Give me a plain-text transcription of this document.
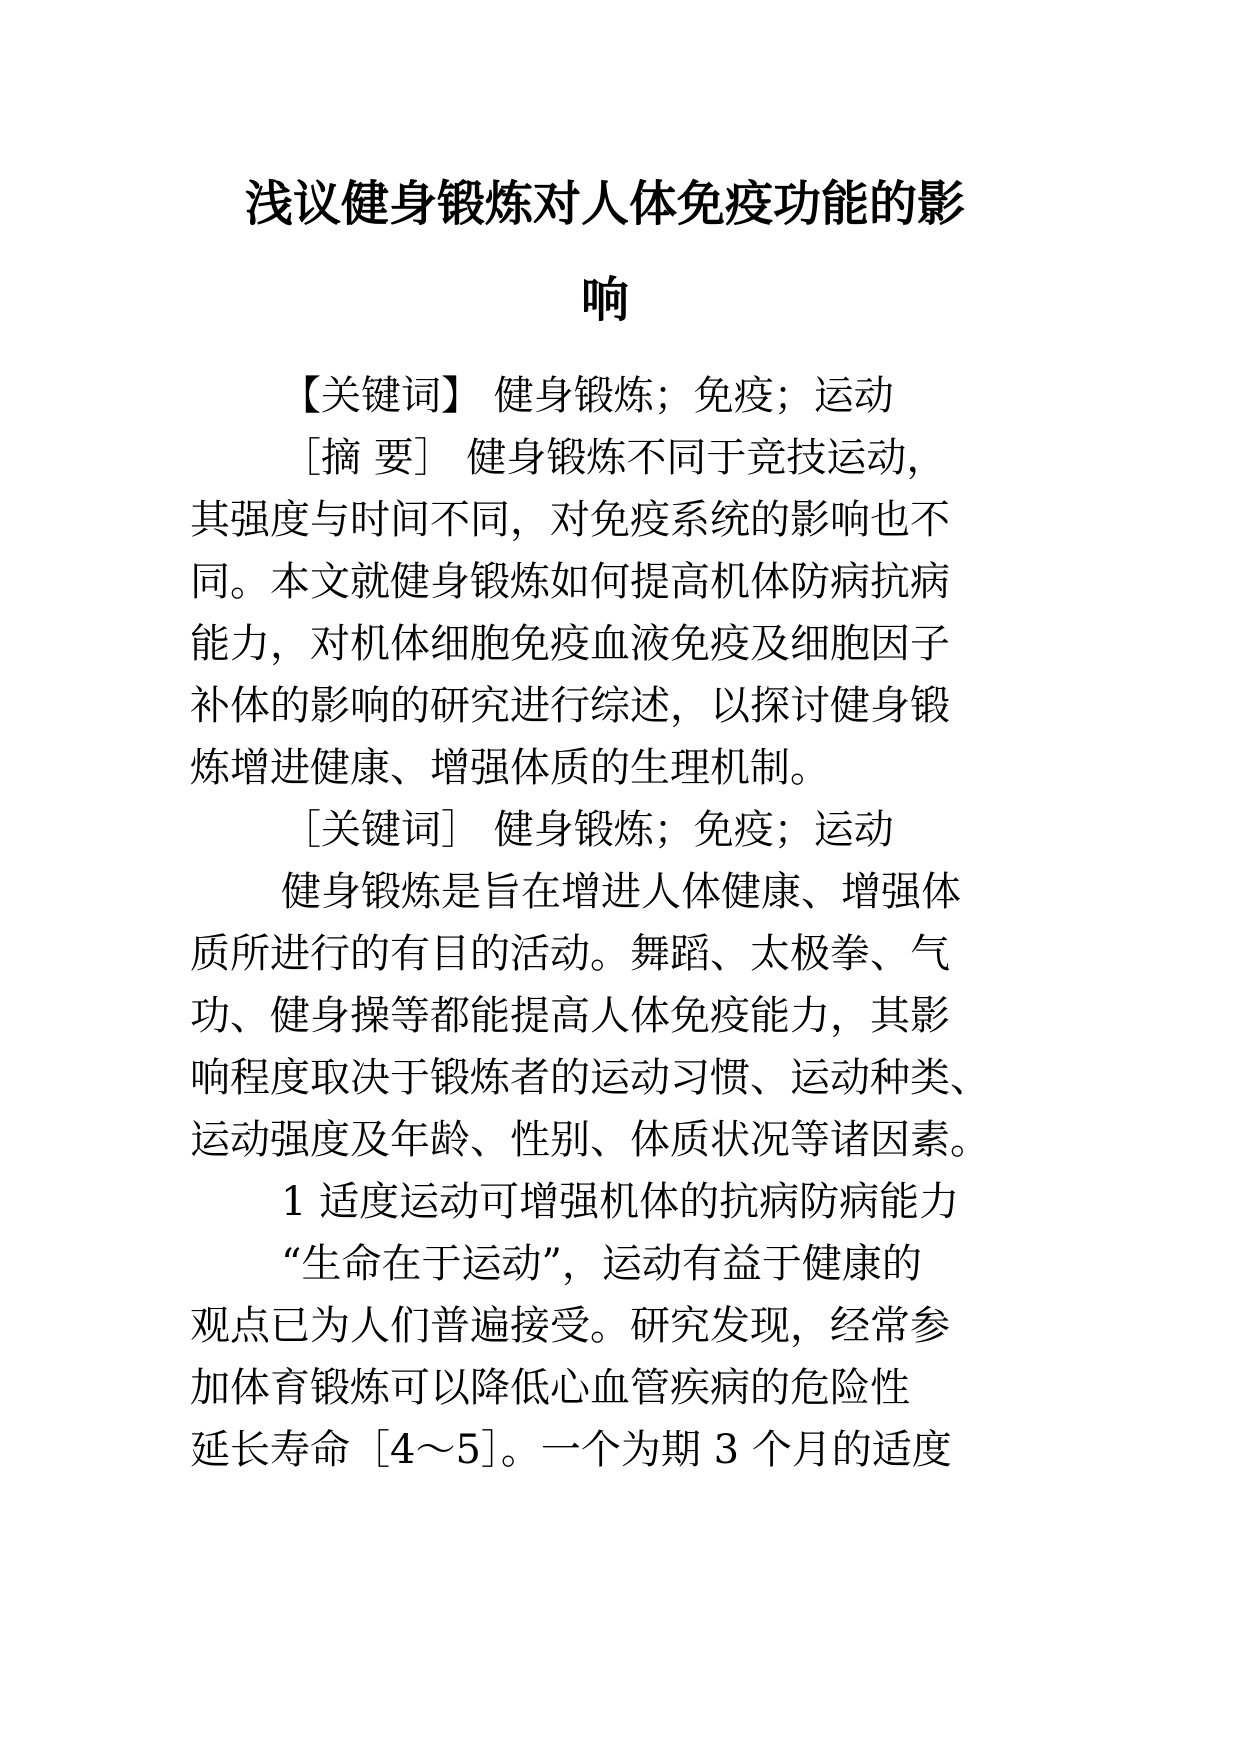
浅议健身锻炼对人体免疫功能的影
响
【关键词】 健身锻炼；免疫；运动
［摘 要］ 健身锻炼不同于竞技运动，
其强度与时间不同，对免疫系统的影响也不
同。本文就健身锻炼如何提高机体防病抗病
能力，对机体细胞免疫血液免疫及细胞因子
补体的影响的研究进行综述，以探讨健身锻
炼增进健康、增强体质的生理机制。
［关键词］ 健身锻炼；免疫；运动
健身锻炼是旨在增进人体健康、增强体
质所进行的有目的活动。舞蹈、太极拳、气
功、健身操等都能提高人体免疫能力，其影
响程度取决于锻炼者的运动习惯、运动种类、
运动强度及年龄、性别、体质状况等诸因素。
1 适度运动可增强机体的抗病防病能力
“生命在于运动”，运动有益于健康的
观点已为人们普遍接受。研究发现，经常参
加体育锻炼可以降低心血管疾病的危险性
延长寿命［4～5］。一个为期 3 个月的适度
